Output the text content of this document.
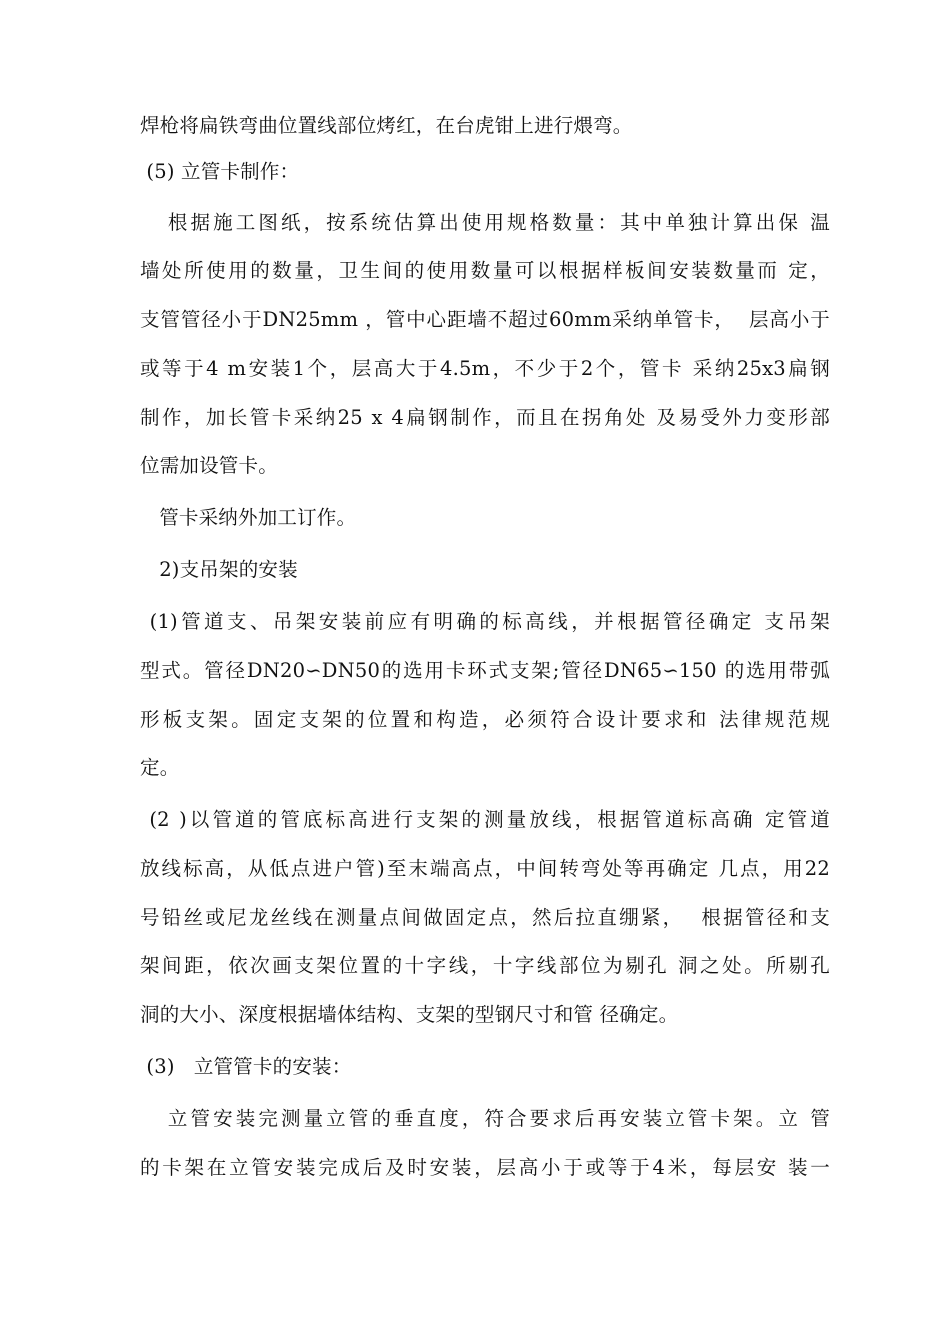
焊枪将扁铁弯曲位置线部位烤红，在台虎钳上进行煨弯。
(5) 立管卡制作：
根据施工图纸，按系统估算出使用规格数量：其中单独计算出保 温
墙处所使用的数量，卫生间的使用数量可以根据样板间安装数量而 定，
支管管径小于DN25mm ，管中心距墙不超过60mm采纳单管卡，  层高小于
或等于4 m安装1个，层高大于4.5m，不少于2个，管卡 采纳25x3扁钢
制作，加长管卡采纳25 x 4扁钢制作，而且在拐角处 及易受外力变形部
位需加设管卡。
管卡采纳外加工订作。
2)支吊架的安装
(1)管道支、吊架安装前应有明确的标高线，并根据管径确定 支吊架
型式。管径DN20∽DN50的选用卡环式支架;管径DN65∽150 的选用带弧
形板支架。固定支架的位置和构造，必须符合设计要求和 法律规范规
定。
(2 )以管道的管底标高进行支架的测量放线，根据管道标高确 定管道
放线标高，从低点进户管)至末端高点，中间转弯处等再确定 几点，用22
号铅丝或尼龙丝线在测量点间做固定点，然后拉直绷紧，  根据管径和支
架间距，依次画支架位置的十字线，十字线部位为剔孔 洞之处。所剔孔
洞的大小、深度根据墙体结构、支架的型钢尺寸和管 径确定。
(3)   立管管卡的安装：
立管安装完测量立管的垂直度，符合要求后再安装立管卡架。立 管
的卡架在立管安装完成后及时安装，层高小于或等于4米，每层安 装一
